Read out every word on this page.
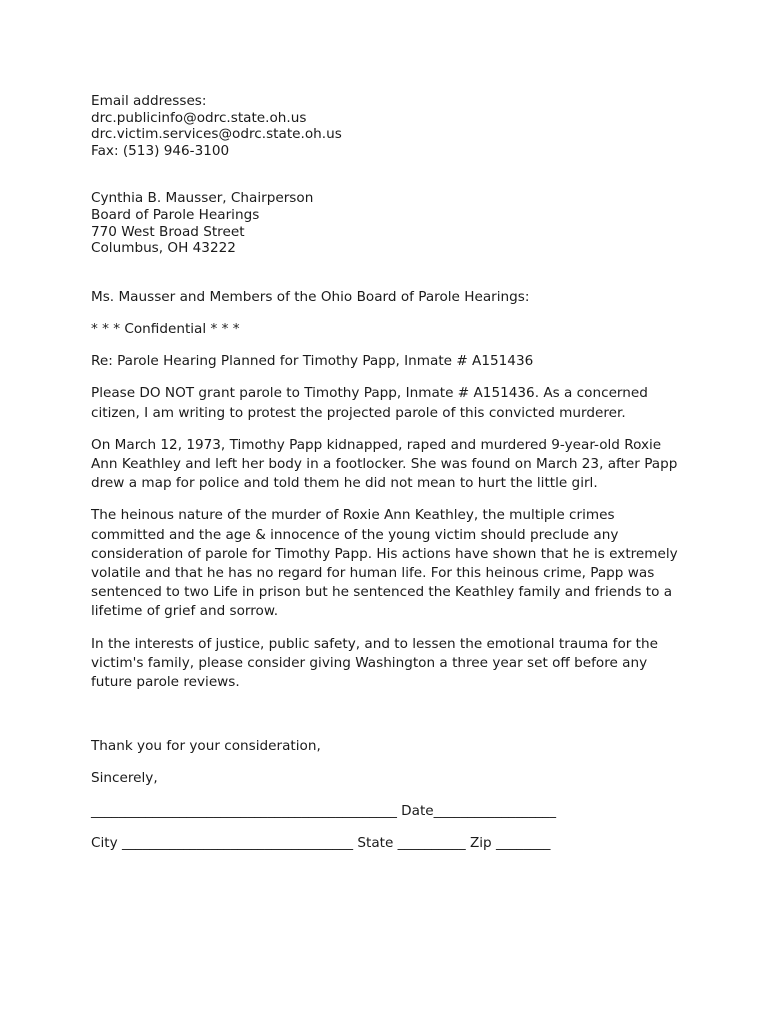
Email addresses:
drc.publicinfo@odrc.state.oh.us
drc.victim.services@odrc.state.oh.us
Fax: (513) 946-3100
Cynthia B. Mausser, Chairperson
Board of Parole Hearings
770 West Broad Street
Columbus, OH 43222

Ms. Mausser and Members of the Ohio Board of Parole Hearings:

* * * Confidential * * *

Re: Parole Hearing Planned for Timothy Papp, Inmate # A151436

Please DO NOT grant parole to Timothy Papp, Inmate # A151436. As a concerned citizen, I am writing to protest the projected parole of this convicted murderer.

On March 12, 1973, Timothy Papp kidnapped, raped and murdered 9-year-old Roxie Ann Keathley and left her body in a footlocker. She was found on March 23, after Papp drew a map for police and told them he did not mean to hurt the little girl.

The heinous nature of the murder of Roxie Ann Keathley, the multiple crimes committed and the age & innocence of the young victim should preclude any consideration of parole for Timothy Papp. His actions have shown that he is extremely volatile and that he has no regard for human life. For this heinous crime, Papp was sentenced to two Life in prison but he sentenced the Keathley family and friends to a lifetime of grief and sorrow.

In the interests of justice, public safety, and to lessen the emotional trauma for the victim's family, please consider giving Washington a three year set off before any future parole reviews.

Thank you for your consideration,

Sincerely,

_____________________________________________ Date__________________

City __________________________________ State __________ Zip ________
